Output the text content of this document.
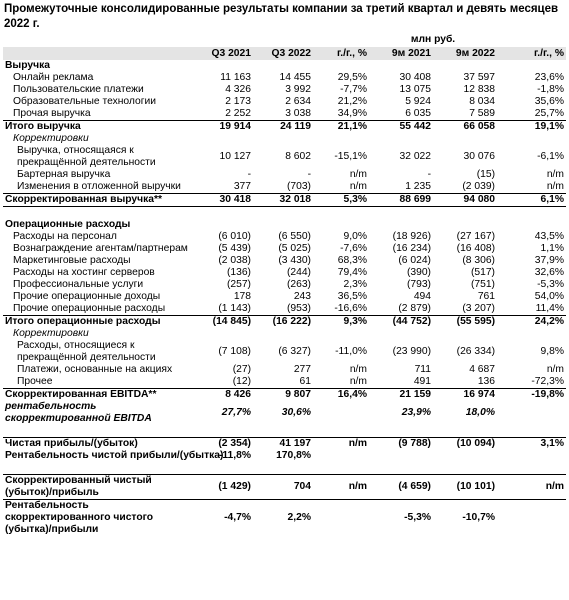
Промежуточные консолидированные результаты компании за третий квартал и девять месяцев 2022 г.
				млн руб.		
	Q3 2021	Q3 2022	г./г., %	9м 2021	9м 2022	г./г., %
Выручка						
Онлайн реклама	11 163	14 455	29,5%	30 408	37 597	23,6%
Пользовательские платежи	4 326	3 992	-7,7%	13 075	12 838	-1,8%
Образовательные технологии	2 173	2 634	21,2%	5 924	8 034	35,6%
Прочая выручка	2 252	3 038	34,9%	6 035	7 589	25,7%
Итого выручка	19 914	24 119	21,1%	55 442	66 058	19,1%
Корректировки						
Выручка, относящаяся к прекращённой деятельности	10 127	8 602	-15,1%	32 022	30 076	-6,1%
Бартерная выручка	-	-	n/m	-	(15)	n/m
Изменения в отложенной выручки	377	(703)	n/m	1 235	(2 039)	n/m
Скорректированная выручка**	30 418	32 018	5,3%	88 699	94 080	6,1%

Операционные расходы						
Расходы на персонал	(6 010)	(6 550)	9,0%	(18 926)	(27 167)	43,5%
Вознаграждение агентам/партнерам	(5 439)	(5 025)	-7,6%	(16 234)	(16 408)	1,1%
Маркетинговые расходы	(2 038)	(3 430)	68,3%	(6 024)	(8 306)	37,9%
Расходы на хостинг серверов	(136)	(244)	79,4%	(390)	(517)	32,6%
Профессиональные услуги	(257)	(263)	2,3%	(793)	(751)	-5,3%
Прочие операционные доходы	178	243	36,5%	494	761	54,0%
Прочие операционные расходы	(1 143)	(953)	-16,6%	(2 879)	(3 207)	11,4%
Итого операционные расходы	(14 845)	(16 222)	9,3%	(44 752)	(55 595)	24,2%
Корректировки						
Расходы, относящиеся к прекращённой деятельности	(7 108)	(6 327)	-11,0%	(23 990)	(26 334)	9,8%
Платежи, основанные на акциях	(27)	277	n/m	711	4 687	n/m
Прочее	(12)	61	n/m	491	136	-72,3%
Скорректированная EBITDA**	8 426	9 807	16,4%	21 159	16 974	-19,8%
рентабельность скорректированной EBITDA	27,7%	30,6%		23,9%	18,0%	

Чистая прибыль/(убыток)	(2 354)	41 197	n/m	(9 788)	(10 094)	3,1%
Рентабельность чистой прибыли/(убытка)	-11,8%	170,8%				

Скорректированный чистый (убыток)/прибыль	(1 429)	704	n/m	(4 659)	(10 101)	n/m
Рентабельность скорректированного чистого (убытка)/прибыли	-4,7%	2,2%		-5,3%	-10,7%	
